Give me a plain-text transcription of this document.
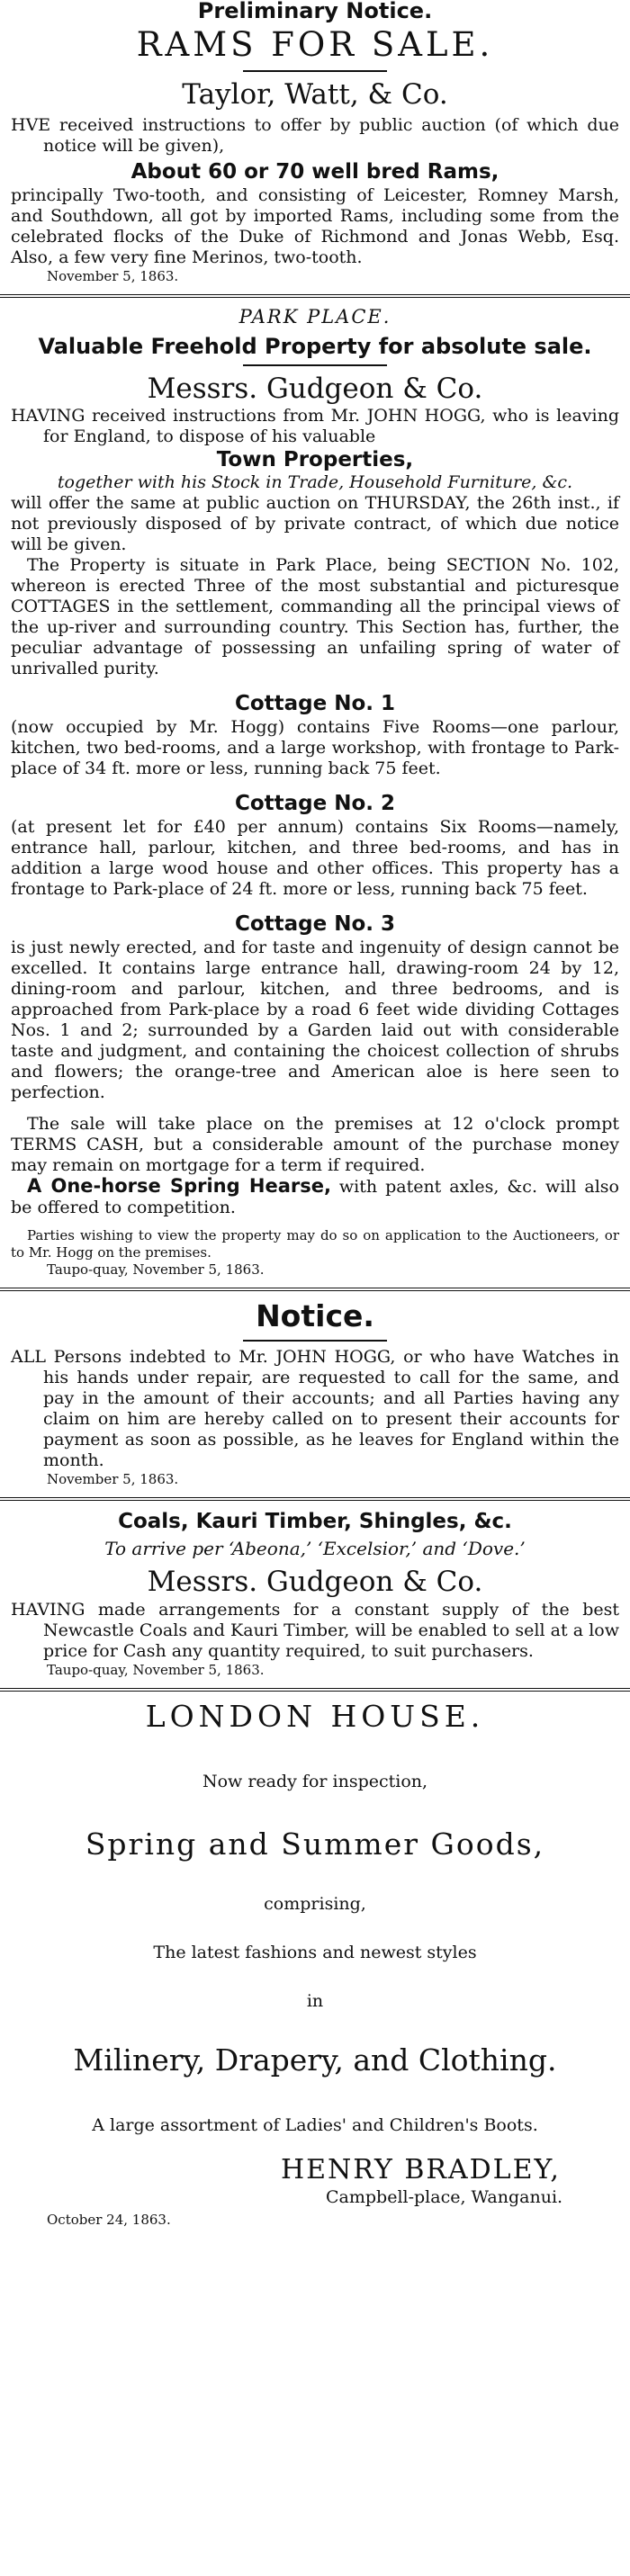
Preliminary Notice.
RAMS FOR SALE.
Taylor, Watt, & Co.
HVE received instructions to offer by public auction (of which due notice will be given),
About 60 or 70 well bred Rams,
principally Two-tooth, and consisting of Leicester, Romney Marsh, and Southdown, all got by imported Rams, including some from the celebrated flocks of the Duke of Richmond and Jonas Webb, Esq. Also, a few very fine Merinos, two-tooth.
November 5, 1863.
PARK PLACE.
Valuable Freehold Property for absolute sale.
Messrs. Gudgeon & Co.
HAVING received instructions from Mr. JOHN HOGG, who is leaving for England, to dispose of his valuable
Town Properties,
together with his Stock in Trade, Household Furniture, &c.
will offer the same at public auction on THURSDAY, the 26th inst., if not previously disposed of by private contract, of which due notice will be given.
The Property is situate in Park Place, being SECTION No. 102, whereon is erected Three of the most substantial and picturesque COTTAGES in the settlement, commanding all the principal views of the up-river and surrounding country. This Section has, further, the peculiar advantage of possessing an unfailing spring of water of unrivalled purity.
Cottage No. 1
(now occupied by Mr. Hogg) contains Five Rooms—one parlour, kitchen, two bed-rooms, and a large workshop, with frontage to Park-place of 34 ft. more or less, running back 75 feet.
Cottage No. 2
(at present let for £40 per annum) contains Six Rooms—namely, entrance hall, parlour, kitchen, and three bed-rooms, and has in addition a large wood house and other offices. This property has a frontage to Park-place of 24 ft. more or less, running back 75 feet.
Cottage No. 3
is just newly erected, and for taste and ingenuity of design cannot be excelled. It contains large entrance hall, drawing-room 24 by 12, dining-room and parlour, kitchen, and three bedrooms, and is approached from Park-place by a road 6 feet wide dividing Cottages Nos. 1 and 2; surrounded by a Garden laid out with considerable taste and judgment, and containing the choicest collection of shrubs and flowers; the orange-tree and American aloe is here seen to perfection.
The sale will take place on the premises at 12 o'clock prompt TERMS CASH, but a considerable amount of the purchase money may remain on mortgage for a term if required.
A One-horse Spring Hearse, with patent axles, &c. will also be offered to competition.
Parties wishing to view the property may do so on application to the Auctioneers, or to Mr. Hogg on the premises.
Taupo-quay, November 5, 1863.
Notice.
ALL Persons indebted to Mr. JOHN HOGG, or who have Watches in his hands under repair, are requested to call for the same, and pay in the amount of their accounts; and all Parties having any claim on him are hereby called on to present their accounts for payment as soon as possible, as he leaves for England within the month.
November 5, 1863.
Coals, Kauri Timber, Shingles, &c.
To arrive per ‘Abeona,’ ‘Excelsior,’ and ‘Dove.’
Messrs. Gudgeon & Co.
HAVING made arrangements for a constant supply of the best Newcastle Coals and Kauri Timber, will be enabled to sell at a low price for Cash any quantity required, to suit purchasers.
Taupo-quay, November 5, 1863.
LONDON HOUSE.
Now ready for inspection,
Spring and Summer Goods,
comprising,
The latest fashions and newest styles
in
Milinery, Drapery, and Clothing.
A large assortment of Ladies' and Children's Boots.
HENRY BRADLEY,
Campbell-place, Wanganui.
October 24, 1863.
